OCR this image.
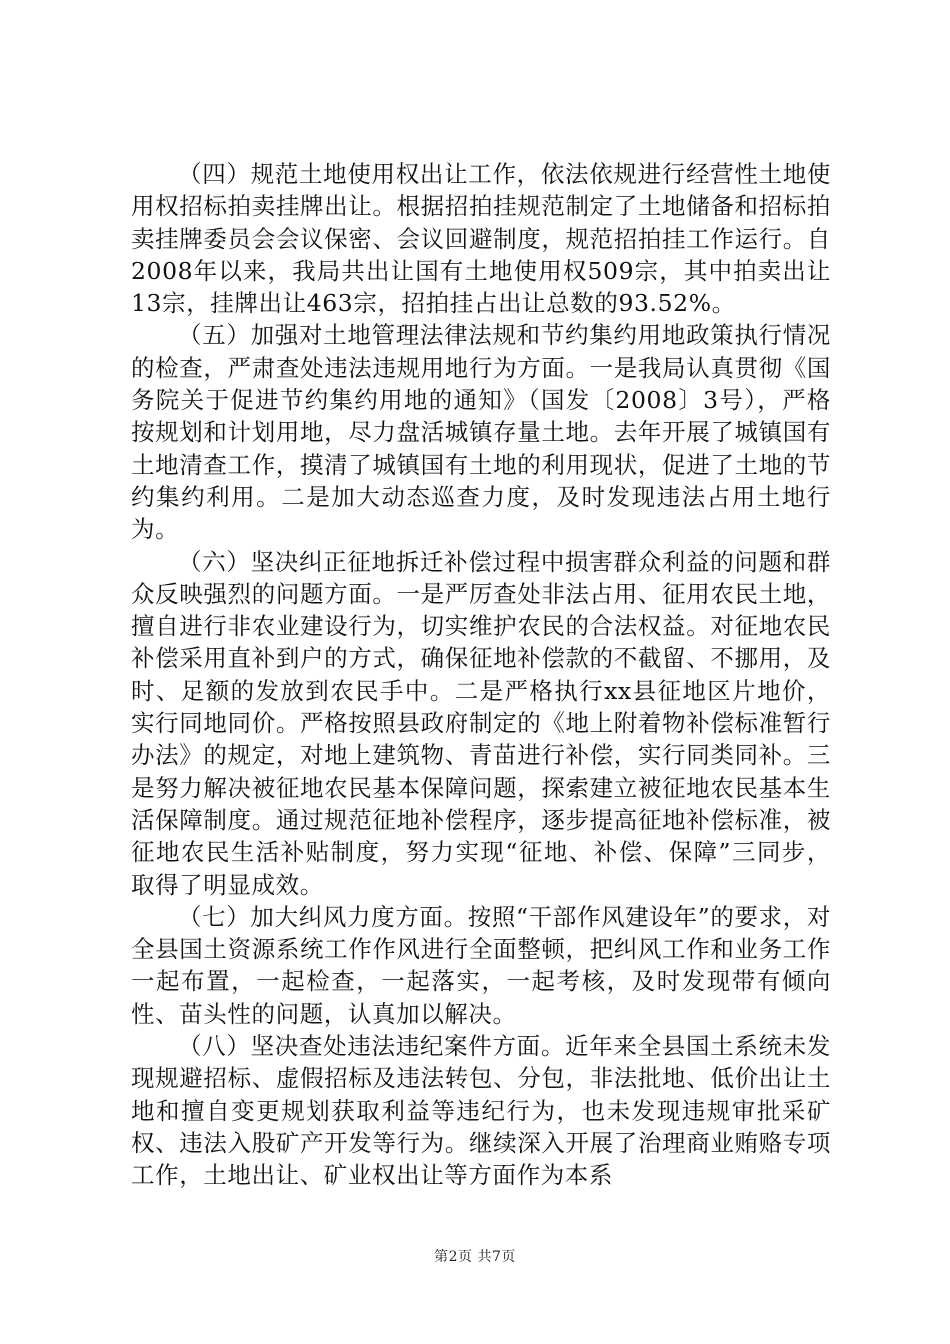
（四）规范土地使用权出让工作，依法依规进行经营性土地使用权招标拍卖挂牌出让。根据招拍挂规范制定了土地储备和招标拍卖挂牌委员会会议保密、会议回避制度，规范招拍挂工作运行。自2008年以来，我局共出让国有土地使用权509宗，其中拍卖出让13宗，挂牌出让463宗，招拍挂占出让总数的93.52%。

（五）加强对土地管理法律法规和节约集约用地政策执行情况的检查，严肃查处违法违规用地行为方面。一是我局认真贯彻《国务院关于促进节约集约用地的通知》（国发〔2008〕3号），严格按规划和计划用地，尽力盘活城镇存量土地。去年开展了城镇国有土地清查工作，摸清了城镇国有土地的利用现状，促进了土地的节约集约利用。二是加大动态巡查力度，及时发现违法占用土地行为。

（六）坚决纠正征地拆迁补偿过程中损害群众利益的问题和群众反映强烈的问题方面。一是严厉查处非法占用、征用农民土地，擅自进行非农业建设行为，切实维护农民的合法权益。对征地农民补偿采用直补到户的方式，确保征地补偿款的不截留、不挪用，及时、足额的发放到农民手中。二是严格执行xx县征地区片地价，实行同地同价。严格按照县政府制定的《地上附着物补偿标准暂行办法》的规定，对地上建筑物、青苗进行补偿，实行同类同补。三是努力解决被征地农民基本保障问题，探索建立被征地农民基本生活保障制度。通过规范征地补偿程序，逐步提高征地补偿标准，被征地农民生活补贴制度，努力实现“征地、补偿、保障”三同步，取得了明显成效。

（七）加大纠风力度方面。按照“干部作风建设年”的要求，对全县国土资源系统工作作风进行全面整顿，把纠风工作和业务工作一起布置，一起检查，一起落实，一起考核，及时发现带有倾向性、苗头性的问题，认真加以解决。

（八）坚决查处违法违纪案件方面。近年来全县国土系统未发现规避招标、虚假招标及违法转包、分包，非法批地、低价出让土地和擅自变更规划获取利益等违纪行为，也未发现违规审批采矿权、违法入股矿产开发等行为。继续深入开展了治理商业贿赂专项工作，土地出让、矿业权出让等方面作为本系

第2页 共7页
